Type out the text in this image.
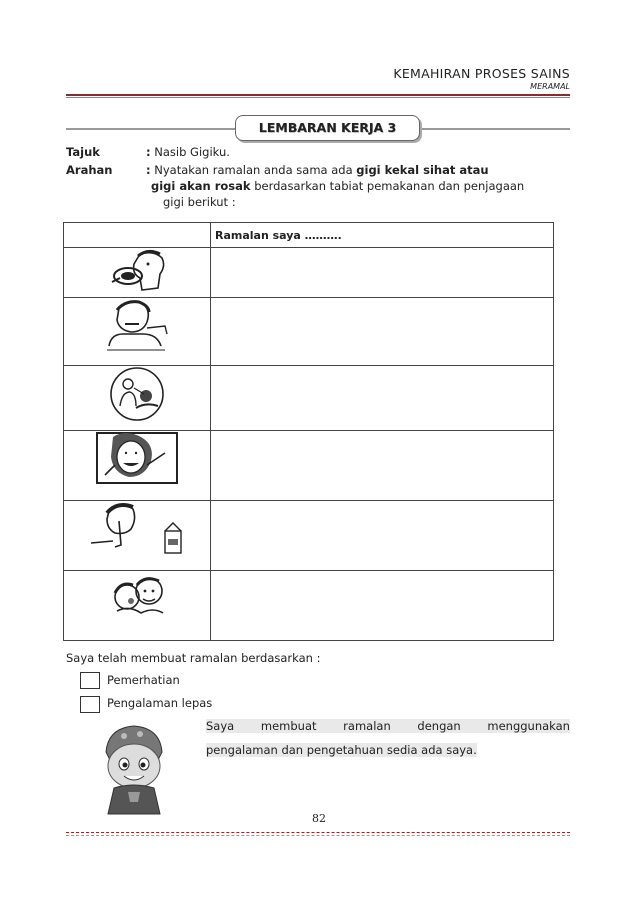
KEMAHIRAN PROSES SAINS
MERAMAL
LEMBARAN KERJA 3
Tajuk	: Nasib Gigiku.
Arahan	: Nyatakan ramalan anda sama ada gigi kekal sihat atau
gigi akan rosak berdasarkan tabiat pemakanan dan penjagaan
gigi berikut :
	Ramalan saya ……….

Saya telah membuat ramalan berdasarkan :
Pemerhatian
Pengalaman lepas
Saya membuat ramalan dengan menggunakan
pengalaman dan pengetahuan sedia ada saya.
82
